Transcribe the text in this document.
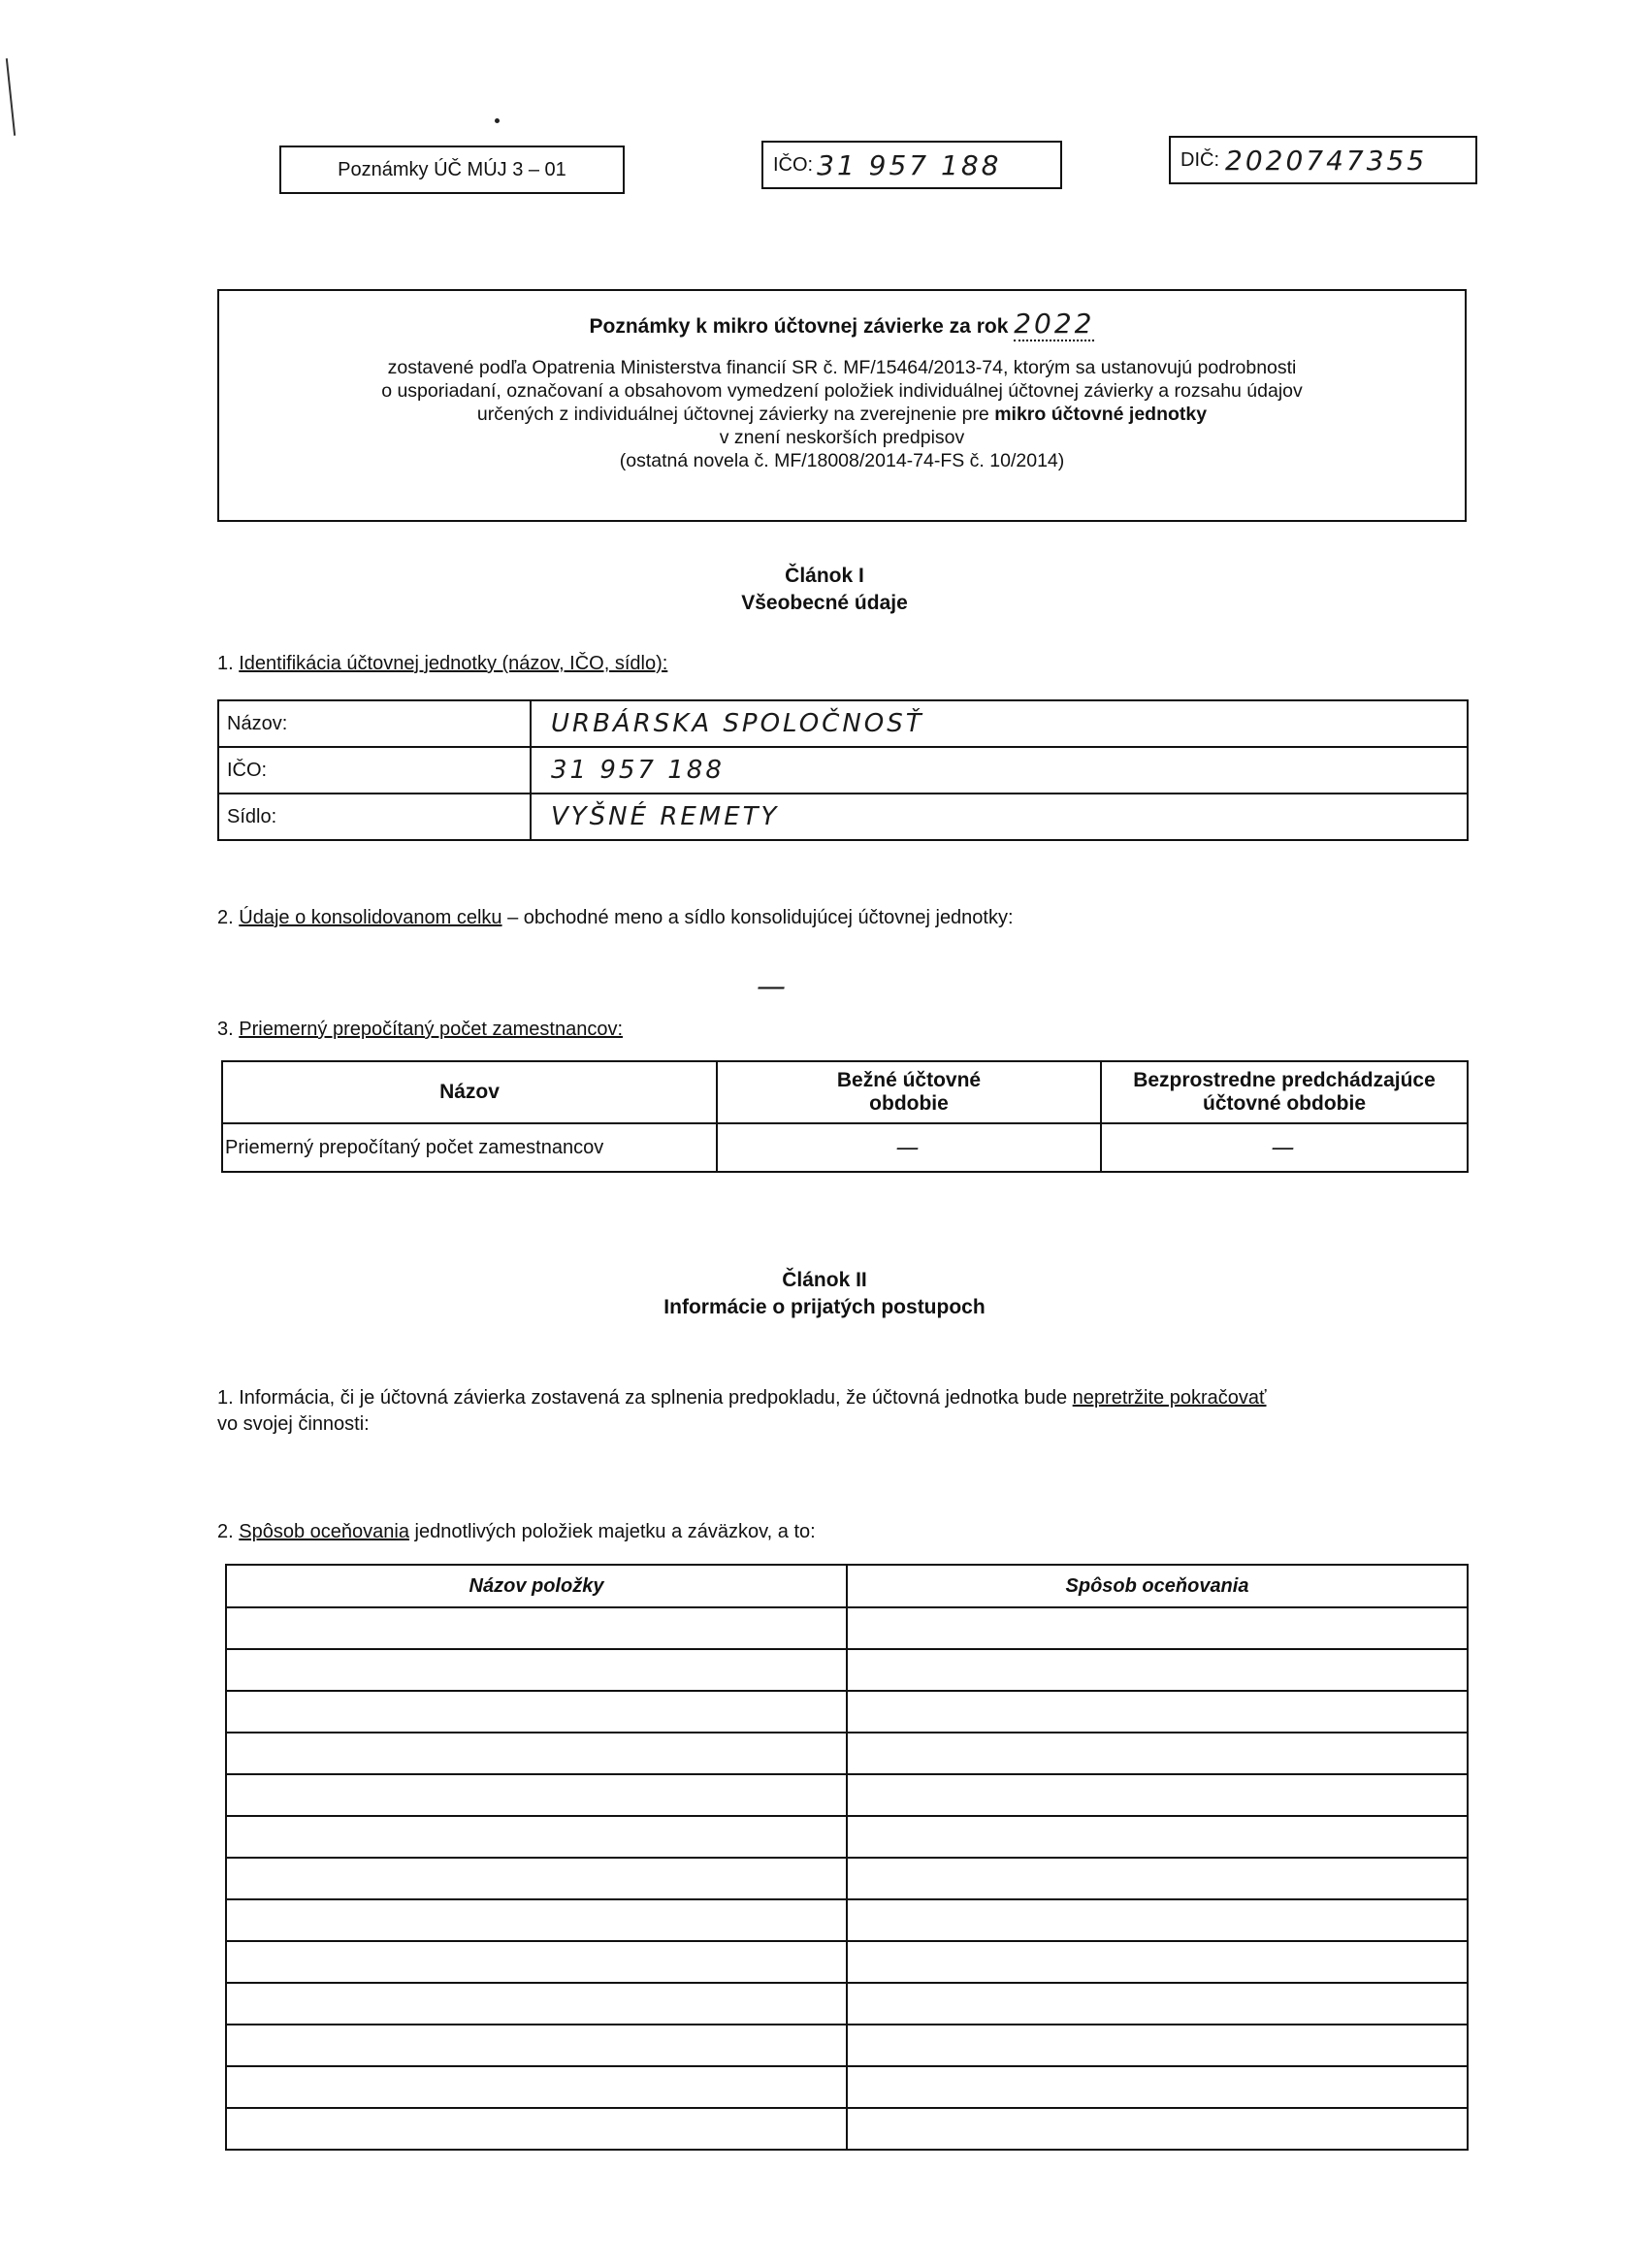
Poznámky ÚČ MÚJ 3 – 01	IČO: 31 957 188	DIČ: 2020747355
Poznámky k mikro účtovnej závierke za rok 2022
zostavené podľa Opatrenia Ministerstva financií SR č. MF/15464/2013-74, ktorým sa ustanovujú podrobnosti
o usporiadaní, označovaní a obsahovom vymedzení položiek individuálnej účtovnej závierky a rozsahu údajov
určených z individuálnej účtovnej závierky na zverejnenie pre mikro účtovné jednotky
v znení neskorších predpisov
(ostatná novela č. MF/18008/2014-74-FS č. 10/2014)
Článok I
Všeobecné údaje
1. Identifikácia účtovnej jednotky (názov, IČO, sídlo):
Názov:	URBÁRSKA SPOLOČNOSŤ
IČO:	31 957 188
Sídlo:	VYŠNÉ REMETY
2. Údaje o konsolidovanom celku – obchodné meno a sídlo konsolidujúcej účtovnej jednotky:
—
3. Priemerný prepočítaný počet zamestnancov:
Názov	Bežné účtovné obdobie	Bezprostredne predchádzajúce účtovné obdobie
Priemerný prepočítaný počet zamestnancov	—	—
Článok II
Informácie o prijatých postupoch
1. Informácia, či je účtovná závierka zostavená za splnenia predpokladu, že účtovná jednotka bude nepretržite pokračovať
vo svojej činnosti:
2. Spôsob oceňovania jednotlivých položiek majetku a záväzkov, a to:
Názov položky	Spôsob oceňovania
